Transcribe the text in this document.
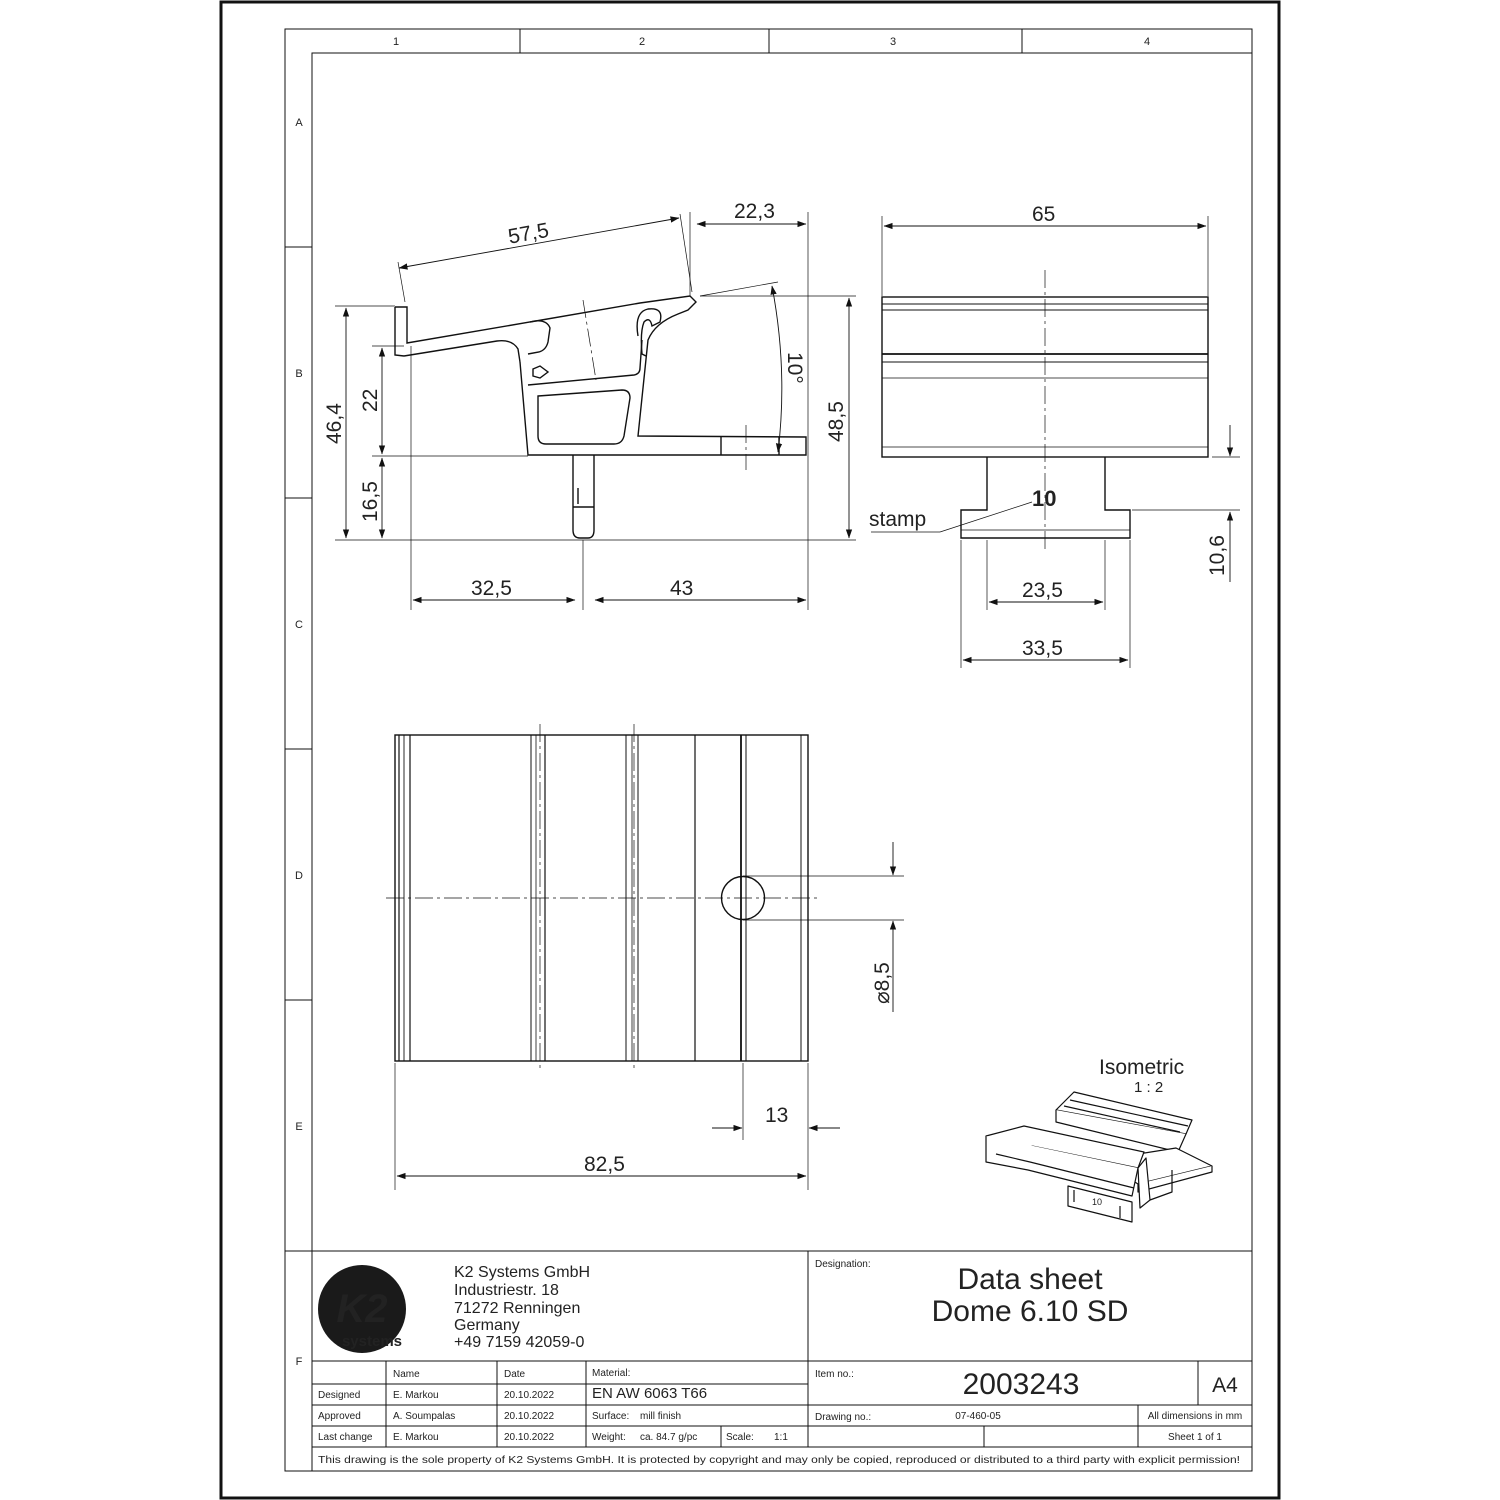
1	2	3	4
A
B
C
D
E
F
57,5
22,3
10°
46,4
22
16,5
48,5
32,5	43
65
10,6
23,5
33,5
stamp
10
⌀8,5
13
82,5
Isometric
1 : 2
10
K2
systems
K2 Systems GmbH
Industriestr. 18
71272 Renningen
Germany
+49 7159 42059-0
Designation:	Data sheet
Dome 6.10 SD
Name	Date	Material:
EN AW 6063 T66
Designed	E. Markou	20.10.2022
Approved	A. Soumpalas	20.10.2022
Last change E. Markou	20.10.2022
Surface: mill finish
Weight: ca. 84.7 g/pc	Scale: 1:1
Item no.:	2003243	A4
Drawing no.:	07-460-05	All dimensions in mm
Sheet 1 of 1
This drawing is the sole property of K2 Systems GmbH. It is protected by copyright and may only be copied, reproduced or distributed to a third party with explicit permission!
